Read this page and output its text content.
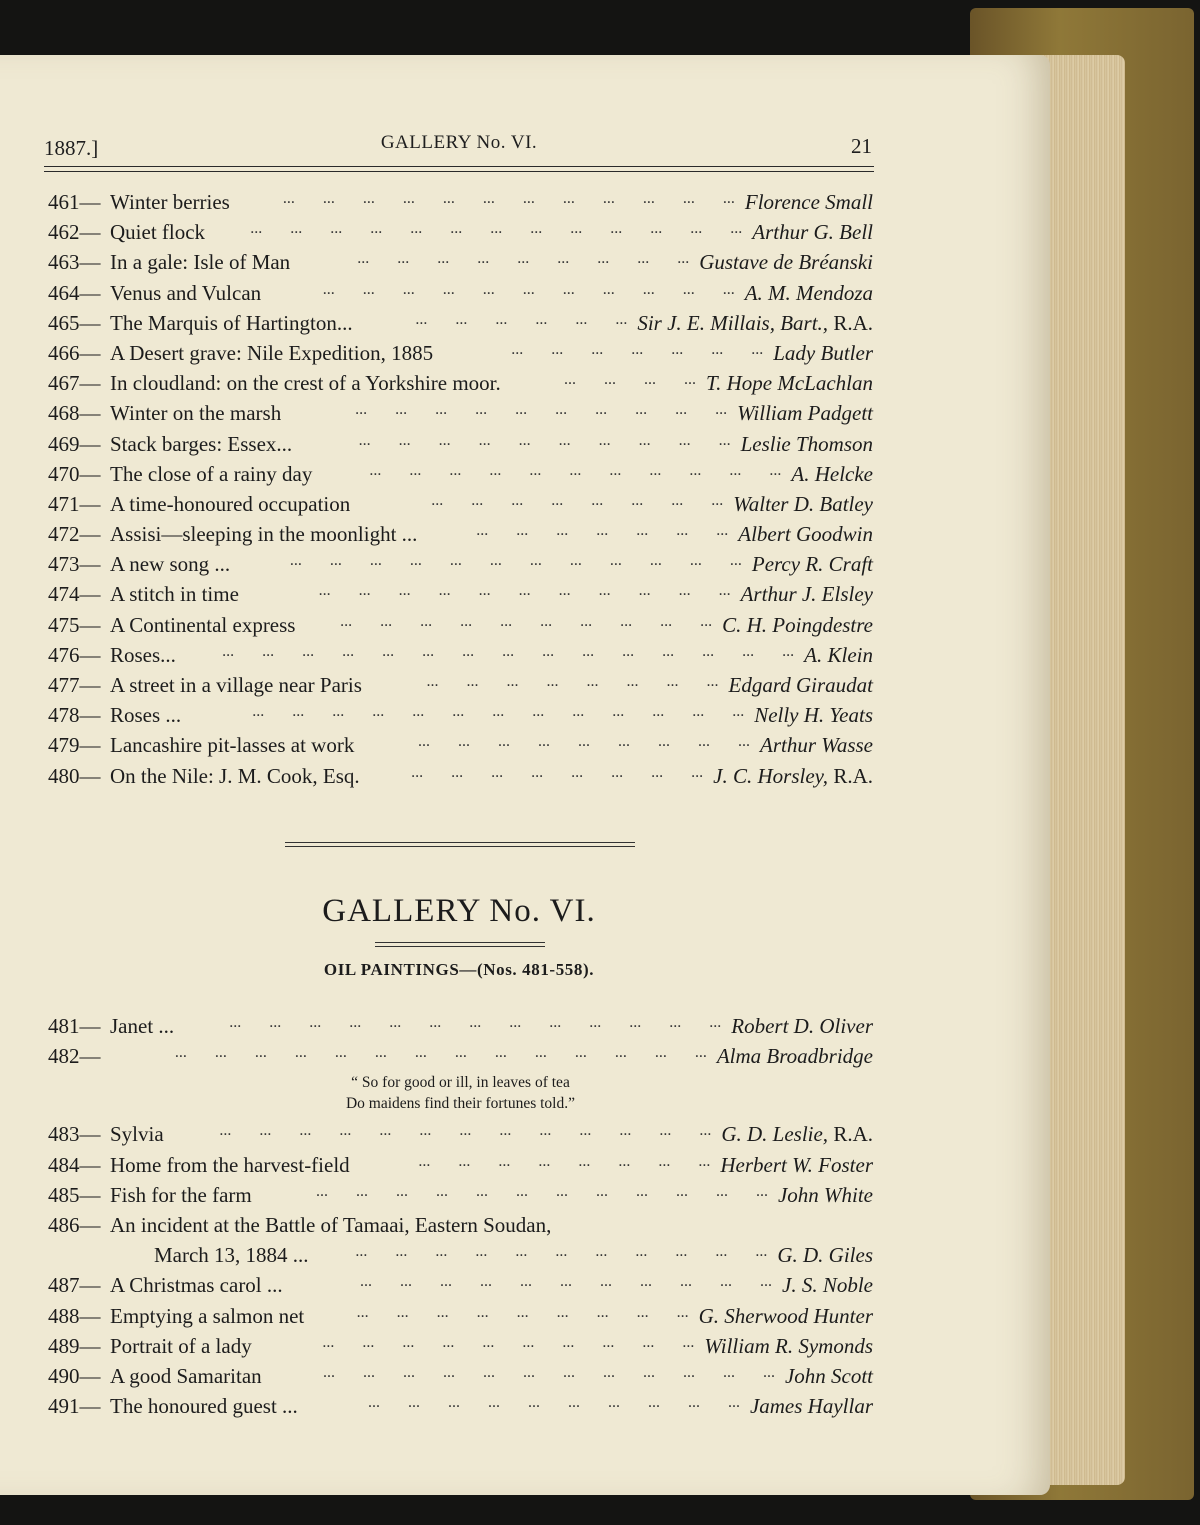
1887.]	GALLERY No. VI.	21
461— Winter berries	...   ...   ...   ...   ...   ...   ...   ...   ...   ...   ...   ... Florence Small
462— Quiet flock	...   ...   ...   ...   ...   ...   ...   ...   ...   ...   ...   ...   ... Arthur G. Bell
463— In a gale: Isle of Man	...   ...   ...   ...   ...   ...   ...   ...   ... Gustave de Bréanski
464— Venus and Vulcan	...   ...   ...   ...   ...   ...   ...   ...   ...   ...   ... A. M. Mendoza
465— The Marquis of Hartington...	...   ...   ...   ...   ...   ... Sir J. E. Millais, Bart., R.A.
466— A Desert grave: Nile Expedition, 1885	...   ...   ...   ...   ...   ...   ... Lady Butler
467— In cloudland: on the crest of a Yorkshire moor.	...   ...   ...   ... T. Hope McLachlan
468— Winter on the marsh	...   ...   ...   ...   ...   ...   ...   ...   ...   ... William Padgett
469— Stack barges: Essex...	...   ...   ...   ...   ...   ...   ...   ...   ...   ... Leslie Thomson
470— The close of a rainy day	...   ...   ...   ...   ...   ...   ...   ...   ...   ...   ... A. Helcke
471— A time-honoured occupation	...   ...   ...   ...   ...   ...   ...   ... Walter D. Batley
472— Assisi—sleeping in the moonlight ...	...   ...   ...   ...   ...   ...   ... Albert Goodwin
473— A new song ...	...   ...   ...   ...   ...   ...   ...   ...   ...   ...   ...   ... Percy R. Craft
474— A stitch in time	...   ...   ...   ...   ...   ...   ...   ...   ...   ...   ... Arthur J. Elsley
475— A Continental express	...   ...   ...   ...   ...   ...   ...   ...   ...   ... C. H. Poingdestre
476— Roses...	...   ...   ...   ...   ...   ...   ...   ...   ...   ...   ...   ...   ...   ...   ... A. Klein
477— A street in a village near Paris	...   ...   ...   ...   ...   ...   ...   ... Edgard Giraudat
478— Roses ...	...   ...   ...   ...   ...   ...   ...   ...   ...   ...   ...   ...   ... Nelly H. Yeats
479— Lancashire pit-lasses at work	...   ...   ...   ...   ...   ...   ...   ...   ... Arthur Wasse
480— On the Nile: J. M. Cook, Esq.	...   ...   ...   ...   ...   ...   ...   ... J. C. Horsley, R.A.
GALLERY No. VI.
OIL PAINTINGS—(Nos. 481-558).
481— Janet ...	...   ...   ...   ...   ...   ...   ...   ...   ...   ...   ...   ...   ... Robert D. Oliver
482—	...   ...   ...   ...   ...   ...   ...   ...   ...   ...   ...   ...   ...   ... Alma Broadbridge
“ So for good or ill, in leaves of tea
Do maidens find their fortunes told.”
483— Sylvia	...   ...   ...   ...   ...   ...   ...   ...   ...   ...   ...   ...   ... G. D. Leslie, R.A.
484— Home from the harvest-field	...   ...   ...   ...   ...   ...   ...   ... Herbert W. Foster
485— Fish for the farm	...   ...   ...   ...   ...   ...   ...   ...   ...   ...   ...   ... John White
486— An incident at the Battle of Tamaai, Eastern Soudan,
March 13, 1884 ...	...   ...   ...   ...   ...   ...   ...   ...   ...   ...   ... G. D. Giles
487— A Christmas carol ...	...   ...   ...   ...   ...   ...   ...   ...   ...   ...   ... J. S. Noble
488— Emptying a salmon net	...   ...   ...   ...   ...   ...   ...   ...   ... G. Sherwood Hunter
489— Portrait of a lady	...   ...   ...   ...   ...   ...   ...   ...   ...   ... William R. Symonds
490— A good Samaritan	...   ...   ...   ...   ...   ...   ...   ...   ...   ...   ...   ... John Scott
491— The honoured guest ...	...   ...   ...   ...   ...   ...   ...   ...   ...   ... James Hayllar
